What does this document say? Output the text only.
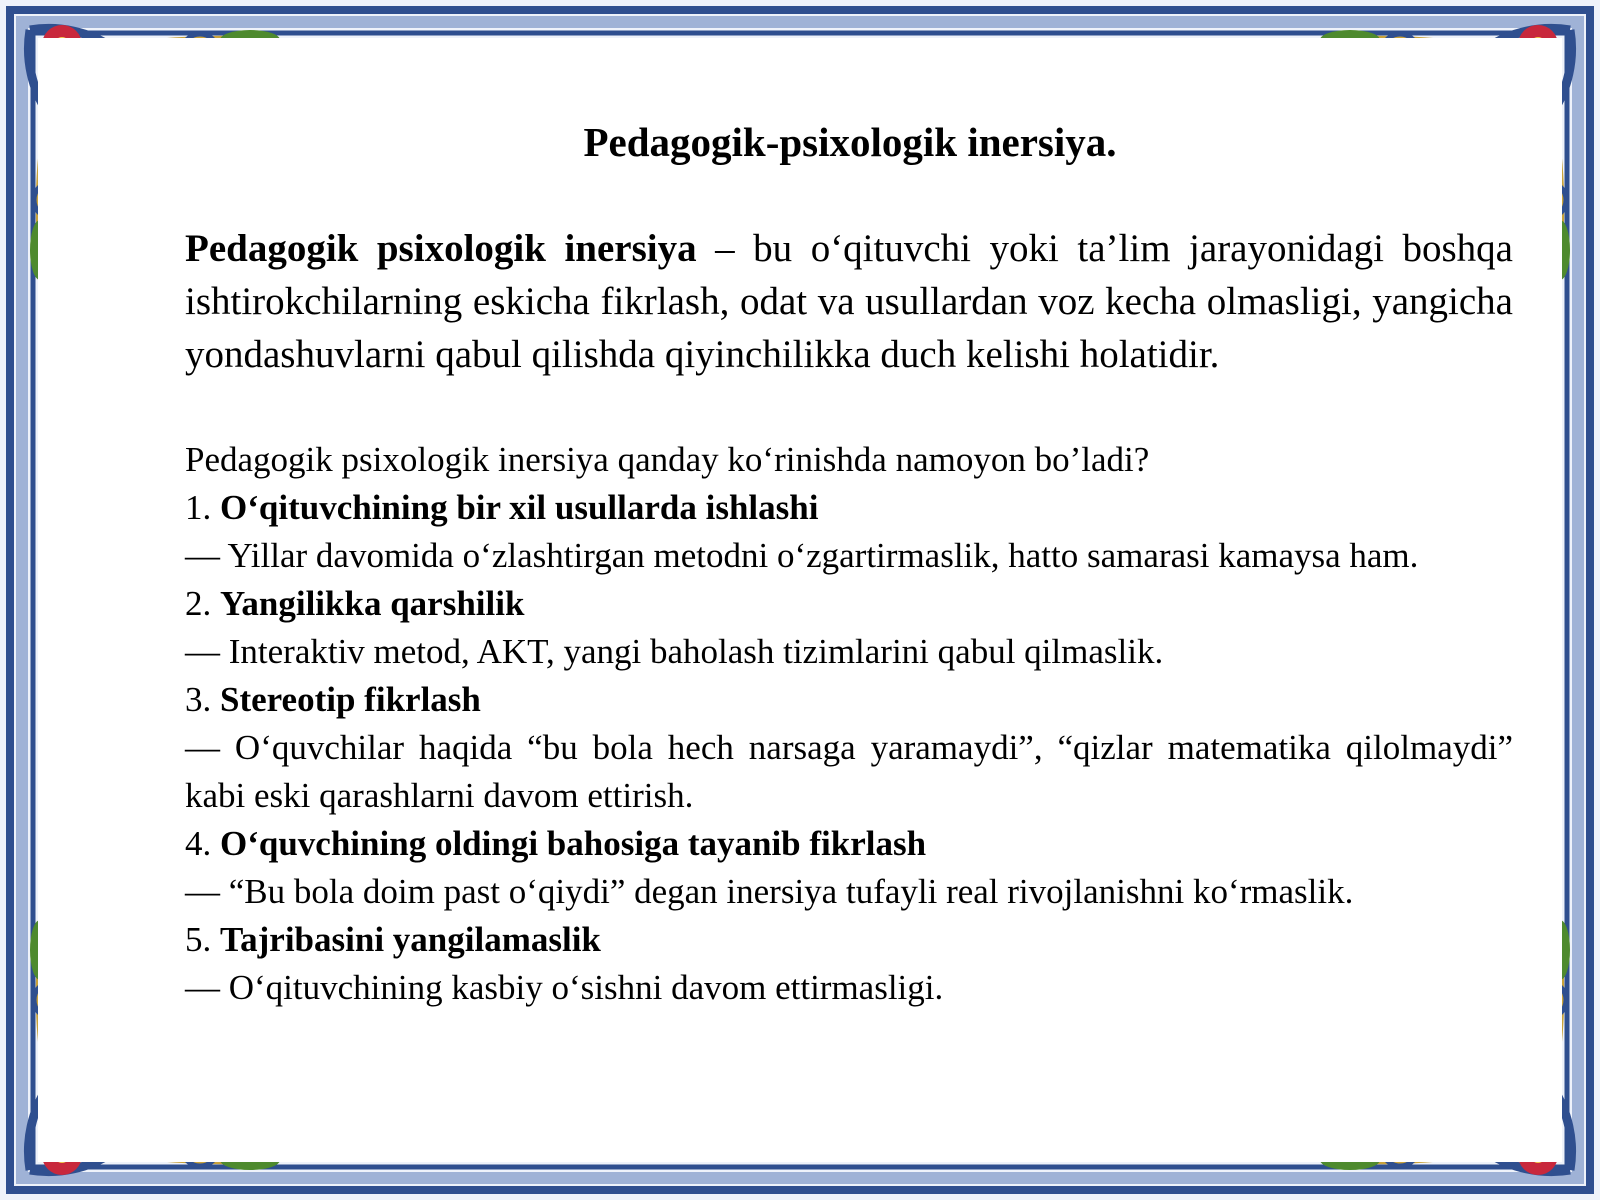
Pedagogik-psixologik inersiya.
Pedagogik psixologik inersiya – bu o‘qituvchi yoki ta’lim jarayonidagi boshqa ishtirokchilarning eskicha fikrlash, odat va usullardan voz kecha olmasligi, yangicha yondashuvlarni qabul qilishda qiyinchilikka duch kelishi holatidir.

Pedagogik psixologik inersiya qanday ko‘rinishda namoyon bo’ladi?

1. O‘qituvchining bir xil usullarda ishlashi

— Yillar davomida o‘zlashtirgan metodni o‘zgartirmaslik, hatto samarasi kamaysa ham.

2. Yangilikka qarshilik

— Interaktiv metod, AKT, yangi baholash tizimlarini qabul qilmaslik.

3. Stereotip fikrlash

— O‘quvchilar haqida “bu bola hech narsaga yaramaydi”, “qizlar matematika qilolmaydi” kabi eski qarashlarni davom ettirish.

4. O‘quvchining oldingi bahosiga tayanib fikrlash

— “Bu bola doim past o‘qiydi” degan inersiya tufayli real rivojlanishni ko‘rmaslik.

5. Tajribasini yangilamaslik

— O‘qituvchining kasbiy o‘sishni davom ettirmasligi.
